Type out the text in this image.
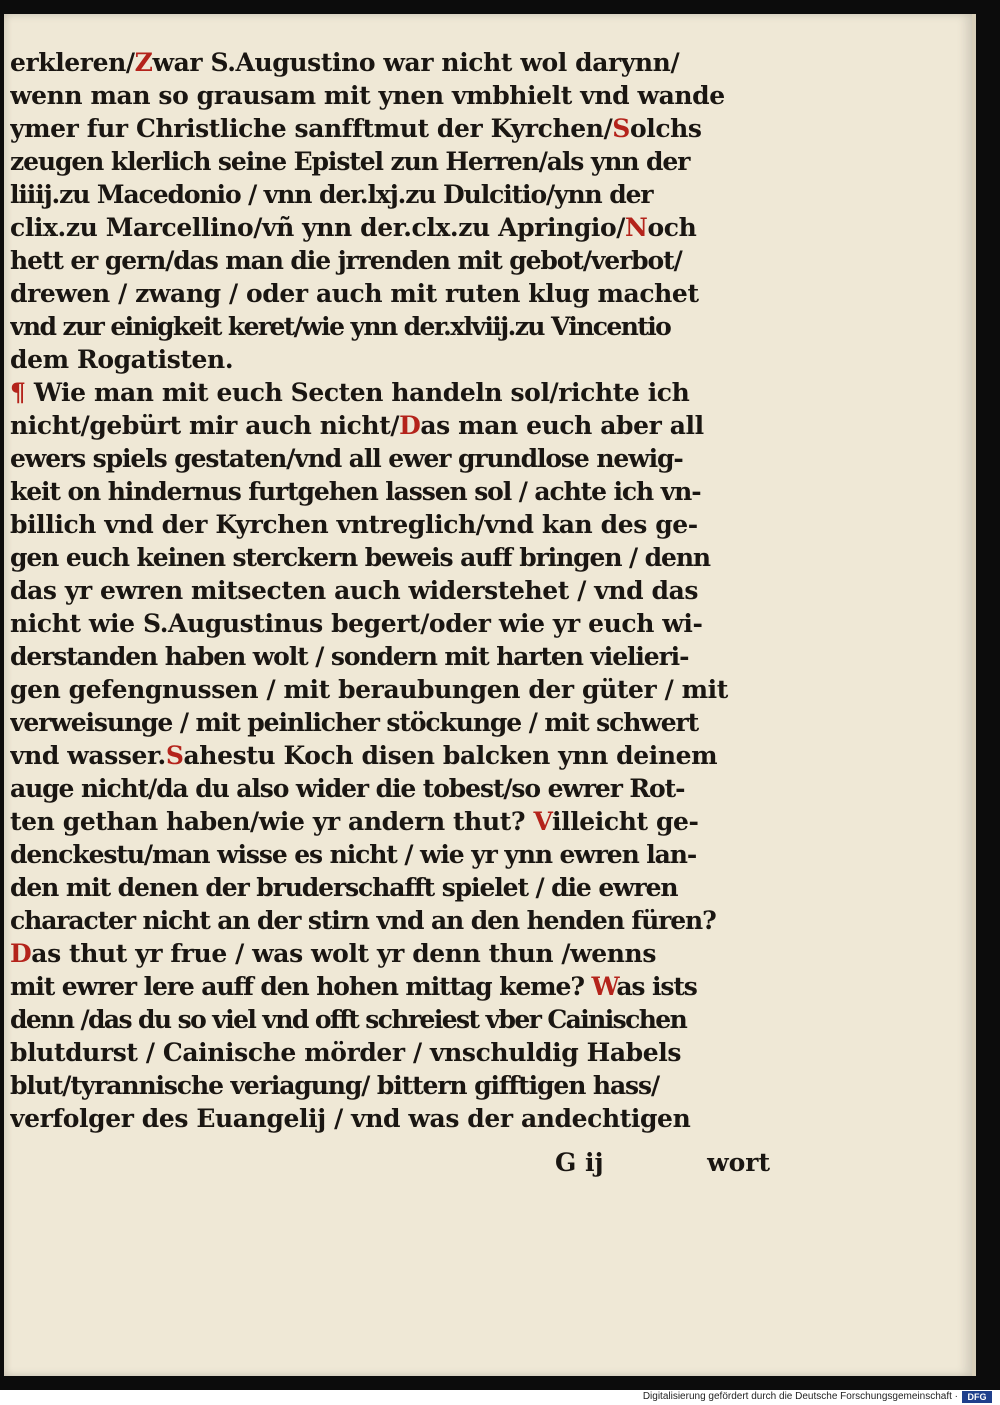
erkleren/Zwar S.Augustino war nicht wol darynn/
wenn man so grausam mit ynen vmbhielt vnd wande
ymer fur Christliche sanfftmut der Kyrchen/Solchs
zeugen klerlich seine Epistel zun Herren/als ynn der
liiij.zu Macedonio / vnn der.lxj.zu Dulcitio/ynn der
clix.zu Marcellino/vñ ynn der.clx.zu Apringio/Noch
hett er gern/das man die jrrenden mit gebot/verbot/
drewen / zwang / oder auch mit ruten klug machet
vnd zur einigkeit keret/wie ynn der.xlviij.zu Vincentio
dem Rogatisten.
¶ Wie man mit euch Secten handeln sol/richte ich
nicht/gebürt mir auch nicht/Das man euch aber all
ewers spiels gestaten/vnd all ewer grundlose newig-
keit on hindernus furtgehen lassen sol / achte ich vn-
billich vnd der Kyrchen vntreglich/vnd kan des ge-
gen euch keinen sterckern beweis auff bringen / denn
das yr ewren mitsecten auch widerstehet / vnd das
nicht wie S.Augustinus begert/oder wie yr euch wi-
derstanden haben wolt / sondern mit harten vielieri-
gen gefengnussen / mit beraubungen der güter / mit
verweisunge / mit peinlicher stöckunge / mit schwert
vnd wasser.Sahestu Koch disen balcken ynn deinem
auge nicht/da du also wider die tobest/so ewrer Rot-
ten gethan haben/wie yr andern thut? Villeicht ge-
denckestu/man wisse es nicht / wie yr ynn ewren lan-
den mit denen der bruderschafft spielet / die ewren
character nicht an der stirn vnd an den henden füren?
Das thut yr frue / was wolt yr denn thun /wenns
mit ewrer lere auff den hohen mittag keme? Was ists
denn /das du so viel vnd offt schreiest vber Cainischen
blutdurst / Cainische mörder / vnschuldig Habels
blut/tyrannische veriagung/ bittern gifftigen hass/
verfolger des Euangelij / vnd was der andechtigen
G ij	wort
Digitalisierung gefördert durch die Deutsche Forschungsgemeinschaft ·	DFG
